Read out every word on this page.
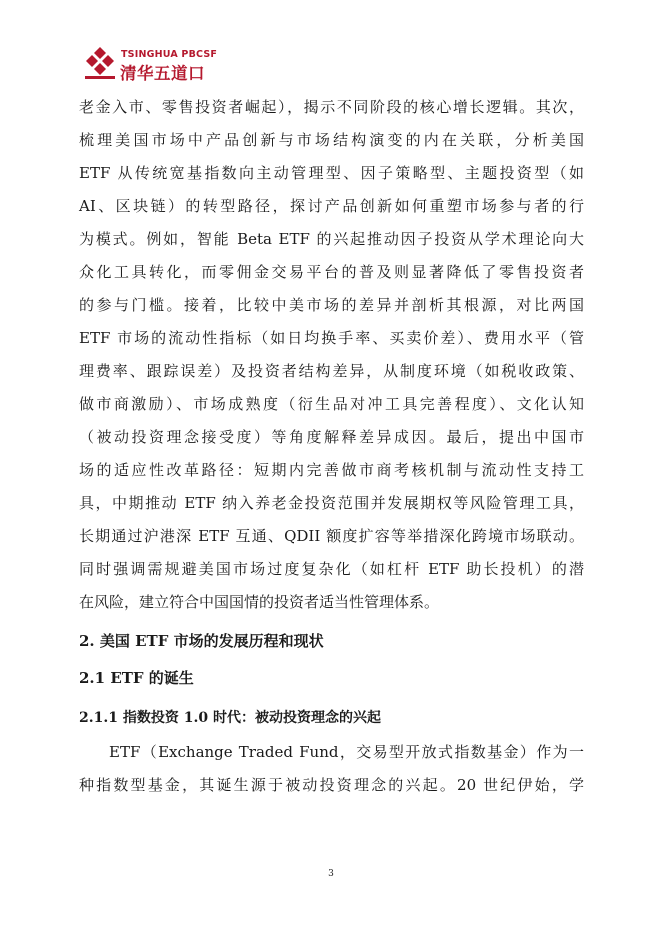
TSINGHUA PBCSF
清华五道口
老金入市、零售投资者崛起），揭示不同阶段的核心增长逻辑。其次，
梳理美国市场中产品创新与市场结构演变的内在关联，分析美国
ETF 从传统宽基指数向主动管理型、因子策略型、主题投资型（如
AI、区块链）的转型路径，探讨产品创新如何重塑市场参与者的行
为模式。例如，智能 Beta ETF 的兴起推动因子投资从学术理论向大
众化工具转化，而零佣金交易平台的普及则显著降低了零售投资者
的参与门槛。接着，比较中美市场的差异并剖析其根源，对比两国
ETF 市场的流动性指标（如日均换手率、买卖价差）、费用水平（管
理费率、跟踪误差）及投资者结构差异，从制度环境（如税收政策、
做市商激励）、市场成熟度（衍生品对冲工具完善程度）、文化认知
（被动投资理念接受度）等角度解释差异成因。最后，提出中国市
场的适应性改革路径：短期内完善做市商考核机制与流动性支持工
具，中期推动 ETF 纳入养老金投资范围并发展期权等风险管理工具，
长期通过沪港深 ETF 互通、QDII 额度扩容等举措深化跨境市场联动。
同时强调需规避美国市场过度复杂化（如杠杆 ETF 助长投机）的潜
在风险，建立符合中国国情的投资者适当性管理体系。
2. 美国 ETF 市场的发展历程和现状
2.1 ETF 的诞生
2.1.1 指数投资 1.0 时代：被动投资理念的兴起
ETF（Exchange Traded Fund，交易型开放式指数基金）作为一
种指数型基金，其诞生源于被动投资理念的兴起。20 世纪伊始，学
3
